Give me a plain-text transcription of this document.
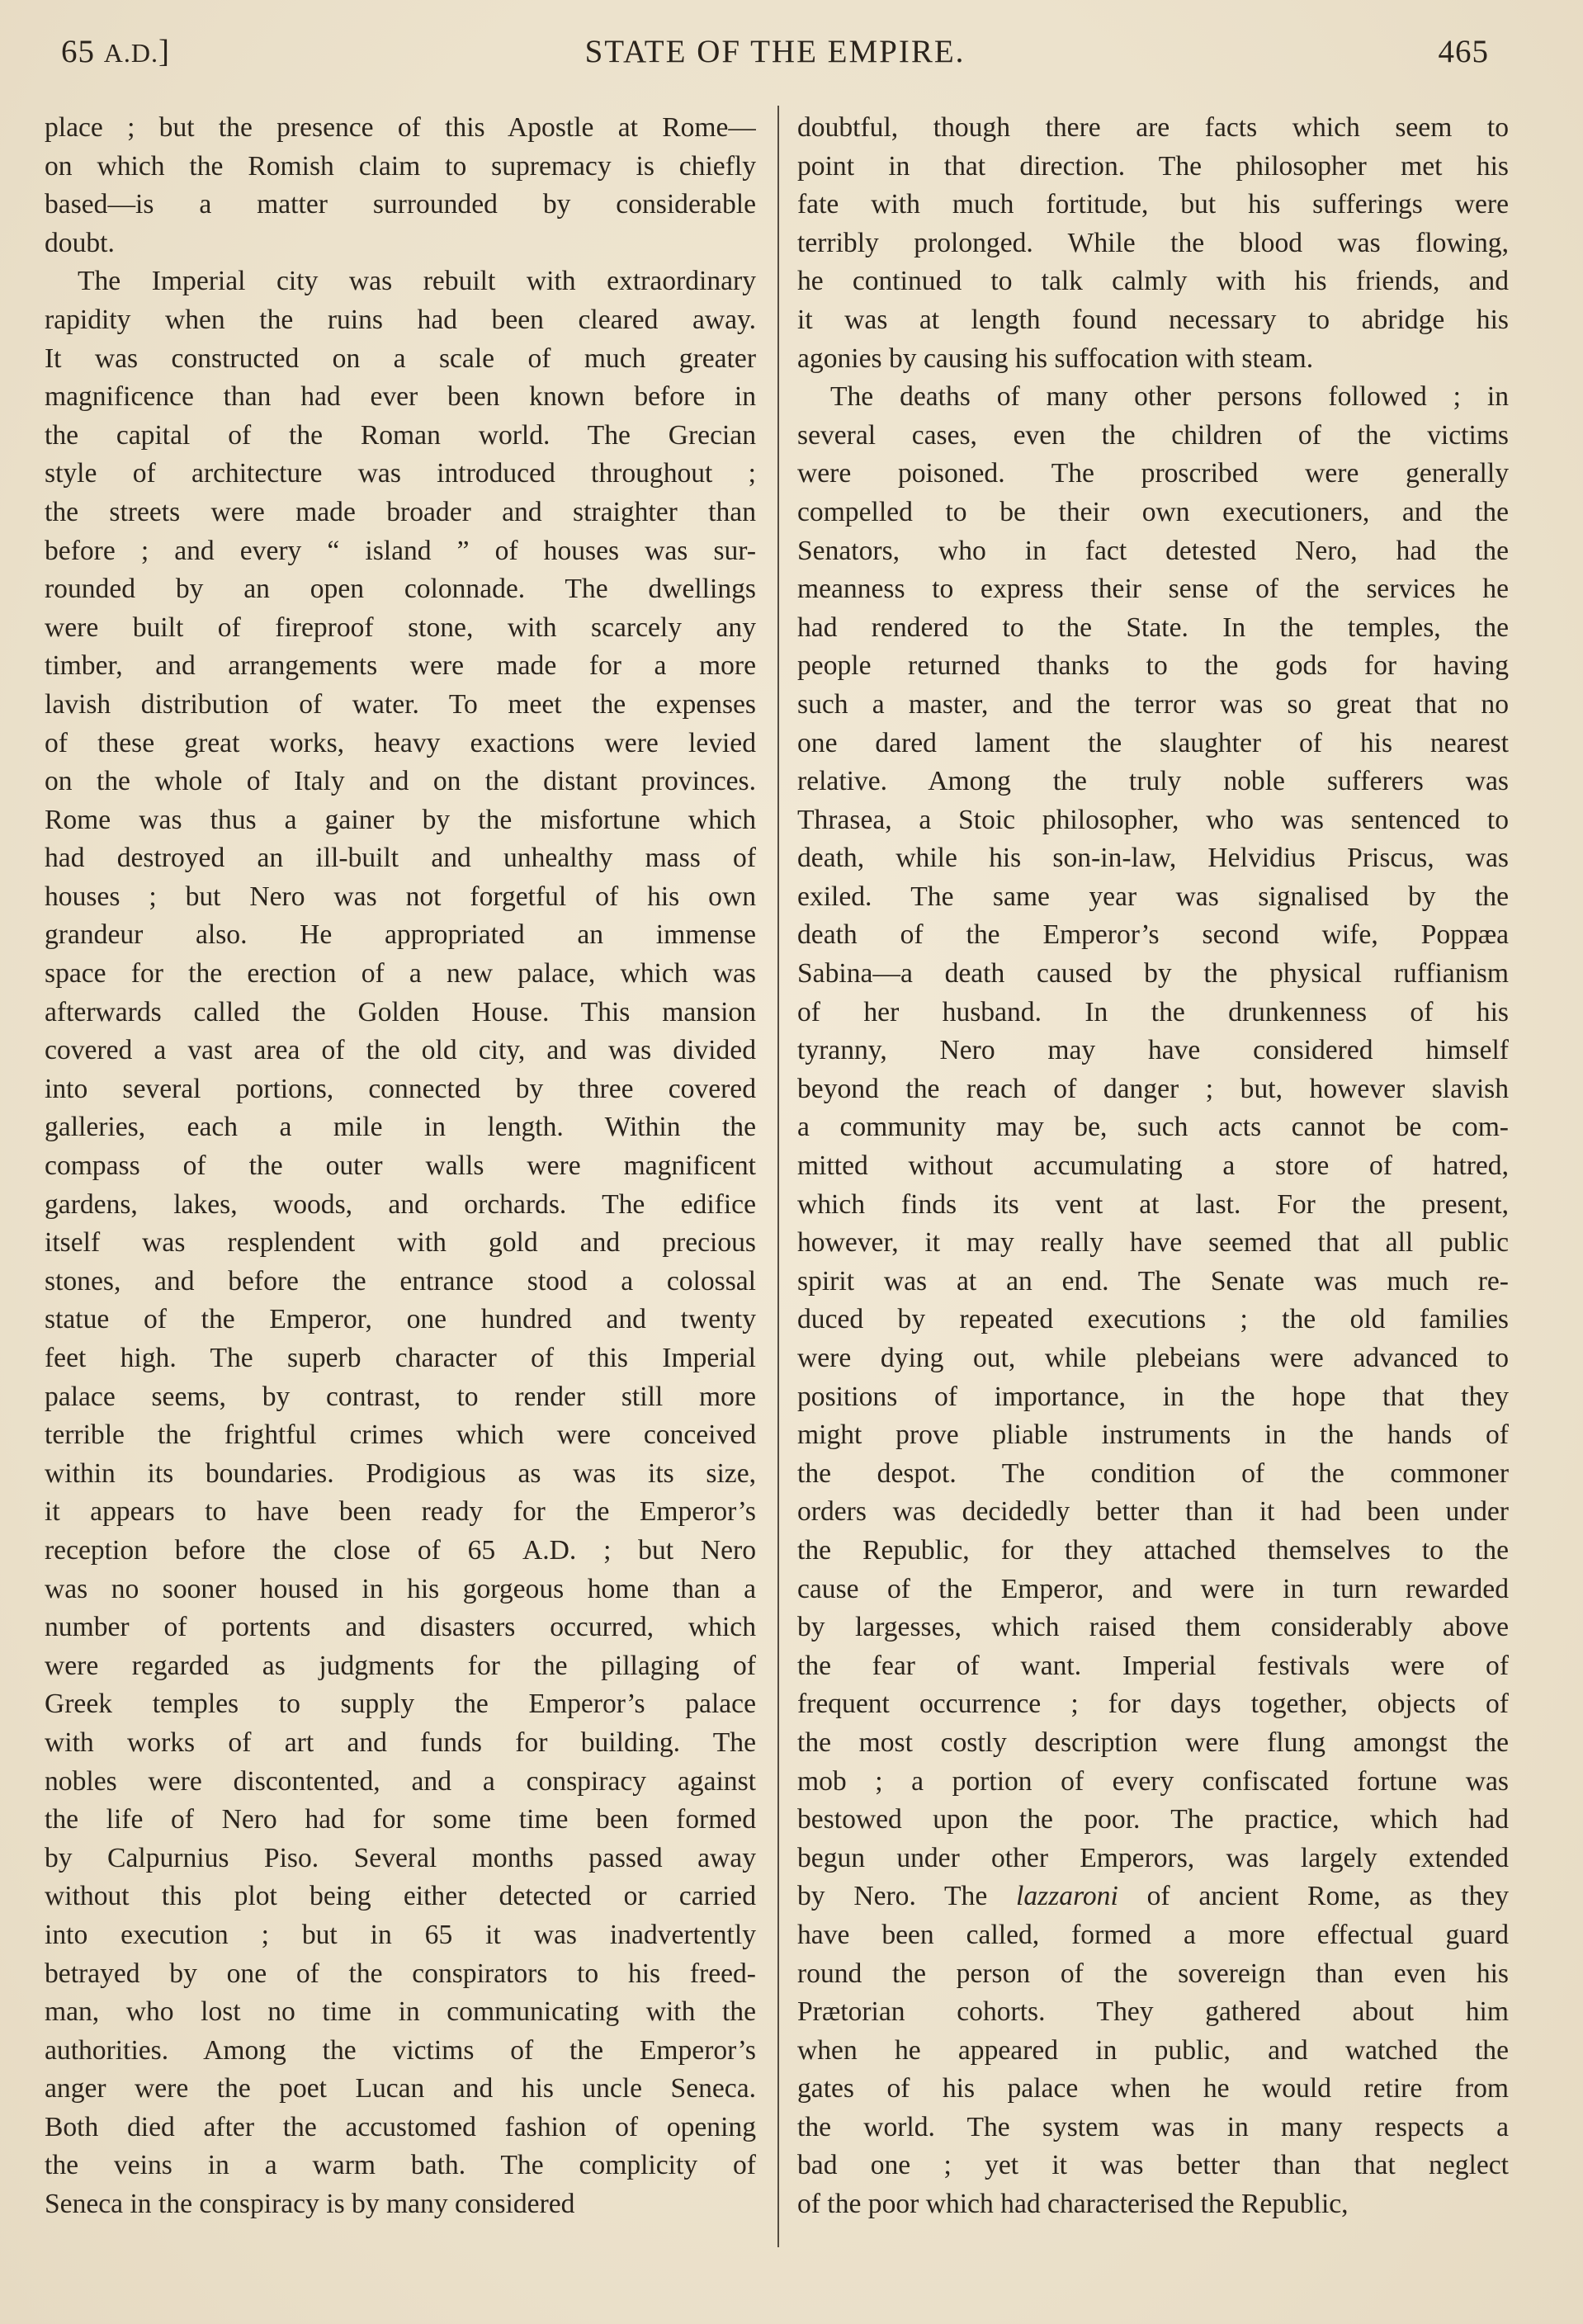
65 A.D.]	STATE OF THE EMPIRE.	465
place ; but the presence of this Apostle at Rome—
on which the Romish claim to supremacy is chiefly
based—is a matter surrounded by considerable
doubt.
The Imperial city was rebuilt with extraordinary
rapidity when the ruins had been cleared away.
It was constructed on a scale of much greater
magnificence than had ever been known before in
the capital of the Roman world. The Grecian
style of architecture was introduced throughout ;
the streets were made broader and straighter than
before ; and every “ island ” of houses was sur-
rounded by an open colonnade. The dwellings
were built of fireproof stone, with scarcely any
timber, and arrangements were made for a more
lavish distribution of water. To meet the expenses
of these great works, heavy exactions were levied
on the whole of Italy and on the distant provinces.
Rome was thus a gainer by the misfortune which
had destroyed an ill-built and unhealthy mass of
houses ; but Nero was not forgetful of his own
grandeur also. He appropriated an immense
space for the erection of a new palace, which was
afterwards called the Golden House. This mansion
covered a vast area of the old city, and was divided
into several portions, connected by three covered
galleries, each a mile in length. Within the
compass of the outer walls were magnificent
gardens, lakes, woods, and orchards. The edifice
itself was resplendent with gold and precious
stones, and before the entrance stood a colossal
statue of the Emperor, one hundred and twenty
feet high. The superb character of this Imperial
palace seems, by contrast, to render still more
terrible the frightful crimes which were conceived
within its boundaries. Prodigious as was its size,
it appears to have been ready for the Emperor’s
reception before the close of 65 A.D. ; but Nero
was no sooner housed in his gorgeous home than a
number of portents and disasters occurred, which
were regarded as judgments for the pillaging of
Greek temples to supply the Emperor’s palace
with works of art and funds for building. The
nobles were discontented, and a conspiracy against
the life of Nero had for some time been formed
by Calpurnius Piso. Several months passed away
without this plot being either detected or carried
into execution ; but in 65 it was inadvertently
betrayed by one of the conspirators to his freed-
man, who lost no time in communicating with the
authorities. Among the victims of the Emperor’s
anger were the poet Lucan and his uncle Seneca.
Both died after the accustomed fashion of opening
the veins in a warm bath. The complicity of
Seneca in the conspiracy is by many considered
doubtful, though there are facts which seem to
point in that direction. The philosopher met his
fate with much fortitude, but his sufferings were
terribly prolonged. While the blood was flowing,
he continued to talk calmly with his friends, and
it was at length found necessary to abridge his
agonies by causing his suffocation with steam.
The deaths of many other persons followed ; in
several cases, even the children of the victims
were poisoned. The proscribed were generally
compelled to be their own executioners, and the
Senators, who in fact detested Nero, had the
meanness to express their sense of the services he
had rendered to the State. In the temples, the
people returned thanks to the gods for having
such a master, and the terror was so great that no
one dared lament the slaughter of his nearest
relative. Among the truly noble sufferers was
Thrasea, a Stoic philosopher, who was sentenced to
death, while his son-in-law, Helvidius Priscus, was
exiled. The same year was signalised by the
death of the Emperor’s second wife, Poppæa
Sabina—a death caused by the physical ruffianism
of her husband. In the drunkenness of his
tyranny, Nero may have considered himself
beyond the reach of danger ; but, however slavish
a community may be, such acts cannot be com-
mitted without accumulating a store of hatred,
which finds its vent at last. For the present,
however, it may really have seemed that all public
spirit was at an end. The Senate was much re-
duced by repeated executions ; the old families
were dying out, while plebeians were advanced to
positions of importance, in the hope that they
might prove pliable instruments in the hands of
the despot. The condition of the commoner
orders was decidedly better than it had been under
the Republic, for they attached themselves to the
cause of the Emperor, and were in turn rewarded
by largesses, which raised them considerably above
the fear of want. Imperial festivals were of
frequent occurrence ; for days together, objects of
the most costly description were flung amongst the
mob ; a portion of every confiscated fortune was
bestowed upon the poor. The practice, which had
begun under other Emperors, was largely extended
by Nero. The lazzaroni of ancient Rome, as they
have been called, formed a more effectual guard
round the person of the sovereign than even his
Prætorian cohorts. They gathered about him
when he appeared in public, and watched the
gates of his palace when he would retire from
the world. The system was in many respects a
bad one ; yet it was better than that neglect
of the poor which had characterised the Republic,
